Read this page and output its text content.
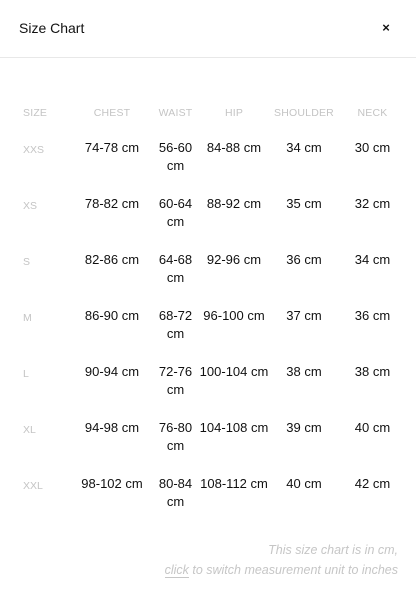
Size Chart	×
SIZE	CHEST	WAIST	HIP	SHOULDER	NECK
XXS	74-78 cm	56-60 cm	84-88 cm	34 cm	30 cm
XS	78-82 cm	60-64 cm	88-92 cm	35 cm	32 cm
S	82-86 cm	64-68 cm	92-96 cm	36 cm	34 cm
M	86-90 cm	68-72 cm	96-100 cm	37 cm	36 cm
L	90-94 cm	72-76 cm	100-104 cm	38 cm	38 cm
XL	94-98 cm	76-80 cm	104-108 cm	39 cm	40 cm
XXL	98-102 cm	80-84 cm	108-112 cm	40 cm	42 cm
This size chart is in cm,
click to switch measurement unit to inches
